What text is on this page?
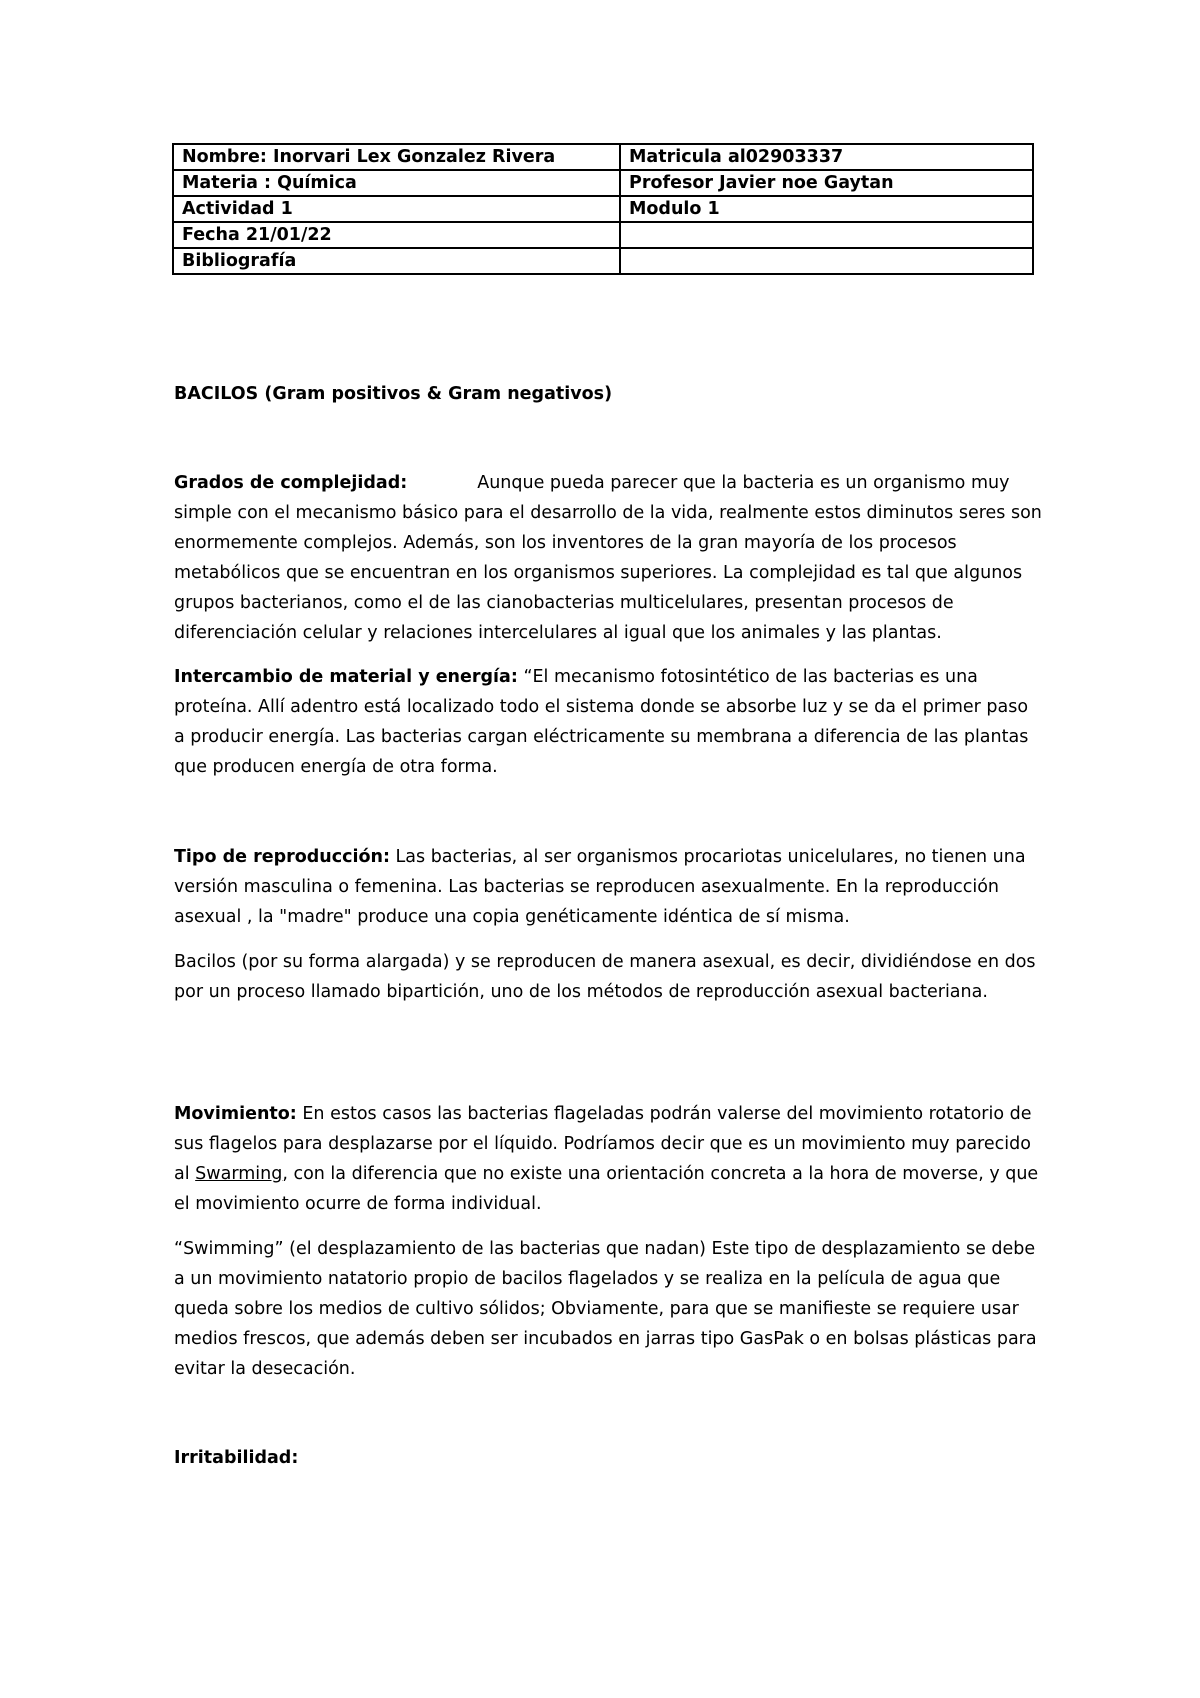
Nombre: Inorvari Lex Gonzalez Rivera	Matricula al02903337
Materia : Química	Profesor Javier noe Gaytan
Actividad 1	Modulo 1
Fecha 21/01/22	
Bibliografía	
BACILOS (Gram positivos & Gram negativos)

Grados de complejidad:	Aunque pueda parecer que la bacteria es un organismo muy simple con el mecanismo básico para el desarrollo de la vida, realmente estos diminutos seres son enormemente complejos. Además, son los inventores de la gran mayoría de los procesos metabólicos que se encuentran en los organismos superiores. La complejidad es tal que algunos grupos bacterianos, como el de las cianobacterias multicelulares, presentan procesos de diferenciación celular y relaciones intercelulares al igual que los animales y las plantas.

Intercambio de material y energía: “El mecanismo fotosintético de las bacterias es una proteína. Allí adentro está localizado todo el sistema donde se absorbe luz y se da el primer paso a producir energía. Las bacterias cargan eléctricamente su membrana a diferencia de las plantas que producen energía de otra forma.

Tipo de reproducción: Las bacterias, al ser organismos procariotas unicelulares, no tienen una versión masculina o femenina. Las bacterias se reproducen asexualmente. En la reproducción asexual , la "madre" produce una copia genéticamente idéntica de sí misma.

Bacilos (por su forma alargada) y se reproducen de manera asexual, es decir, dividiéndose en dos por un proceso llamado bipartición, uno de los métodos de reproducción asexual bacteriana.

Movimiento: En estos casos las bacterias flageladas podrán valerse del movimiento rotatorio de sus flagelos para desplazarse por el líquido. Podríamos decir que es un movimiento muy parecido al Swarming, con la diferencia que no existe una orientación concreta a la hora de moverse, y que el movimiento ocurre de forma individual.

“Swimming” (el desplazamiento de las bacterias que nadan) Este tipo de desplazamiento se debe a un movimiento natatorio propio de bacilos flagelados y se realiza en la película de agua que queda sobre los medios de cultivo sólidos; Obviamente, para que se manifieste se requiere usar medios frescos, que además deben ser incubados en jarras tipo GasPak o en bolsas plásticas para evitar la desecación.

Irritabilidad:
